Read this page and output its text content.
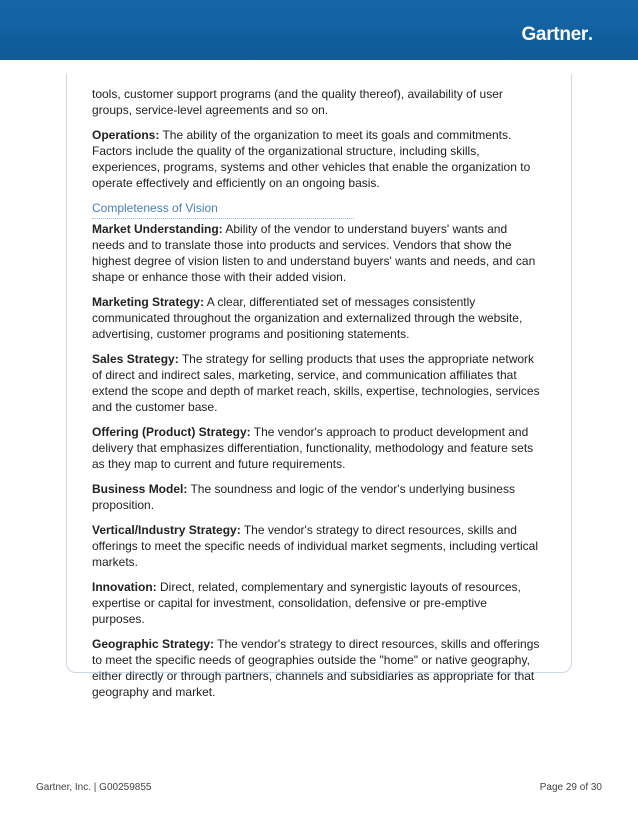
Gartner

tools, customer support programs (and the quality thereof), availability of user groups, service-level agreements and so on.

Operations: The ability of the organization to meet its goals and commitments. Factors include the quality of the organizational structure, including skills, experiences, programs, systems and other vehicles that enable the organization to operate effectively and efficiently on an ongoing basis.

Completeness of Vision

Market Understanding: Ability of the vendor to understand buyers' wants and needs and to translate those into products and services. Vendors that show the highest degree of vision listen to and understand buyers' wants and needs, and can shape or enhance those with their added vision.

Marketing Strategy: A clear, differentiated set of messages consistently communicated throughout the organization and externalized through the website, advertising, customer programs and positioning statements.

Sales Strategy: The strategy for selling products that uses the appropriate network of direct and indirect sales, marketing, service, and communication affiliates that extend the scope and depth of market reach, skills, expertise, technologies, services and the customer base.

Offering (Product) Strategy: The vendor's approach to product development and delivery that emphasizes differentiation, functionality, methodology and feature sets as they map to current and future requirements.

Business Model: The soundness and logic of the vendor's underlying business proposition.

Vertical/Industry Strategy: The vendor's strategy to direct resources, skills and offerings to meet the specific needs of individual market segments, including vertical markets.

Innovation: Direct, related, complementary and synergistic layouts of resources, expertise or capital for investment, consolidation, defensive or pre-emptive purposes.

Geographic Strategy: The vendor's strategy to direct resources, skills and offerings to meet the specific needs of geographies outside the "home" or native geography, either directly or through partners, channels and subsidiaries as appropriate for that geography and market.

Gartner, Inc. | G00259855	Page 29 of 30
